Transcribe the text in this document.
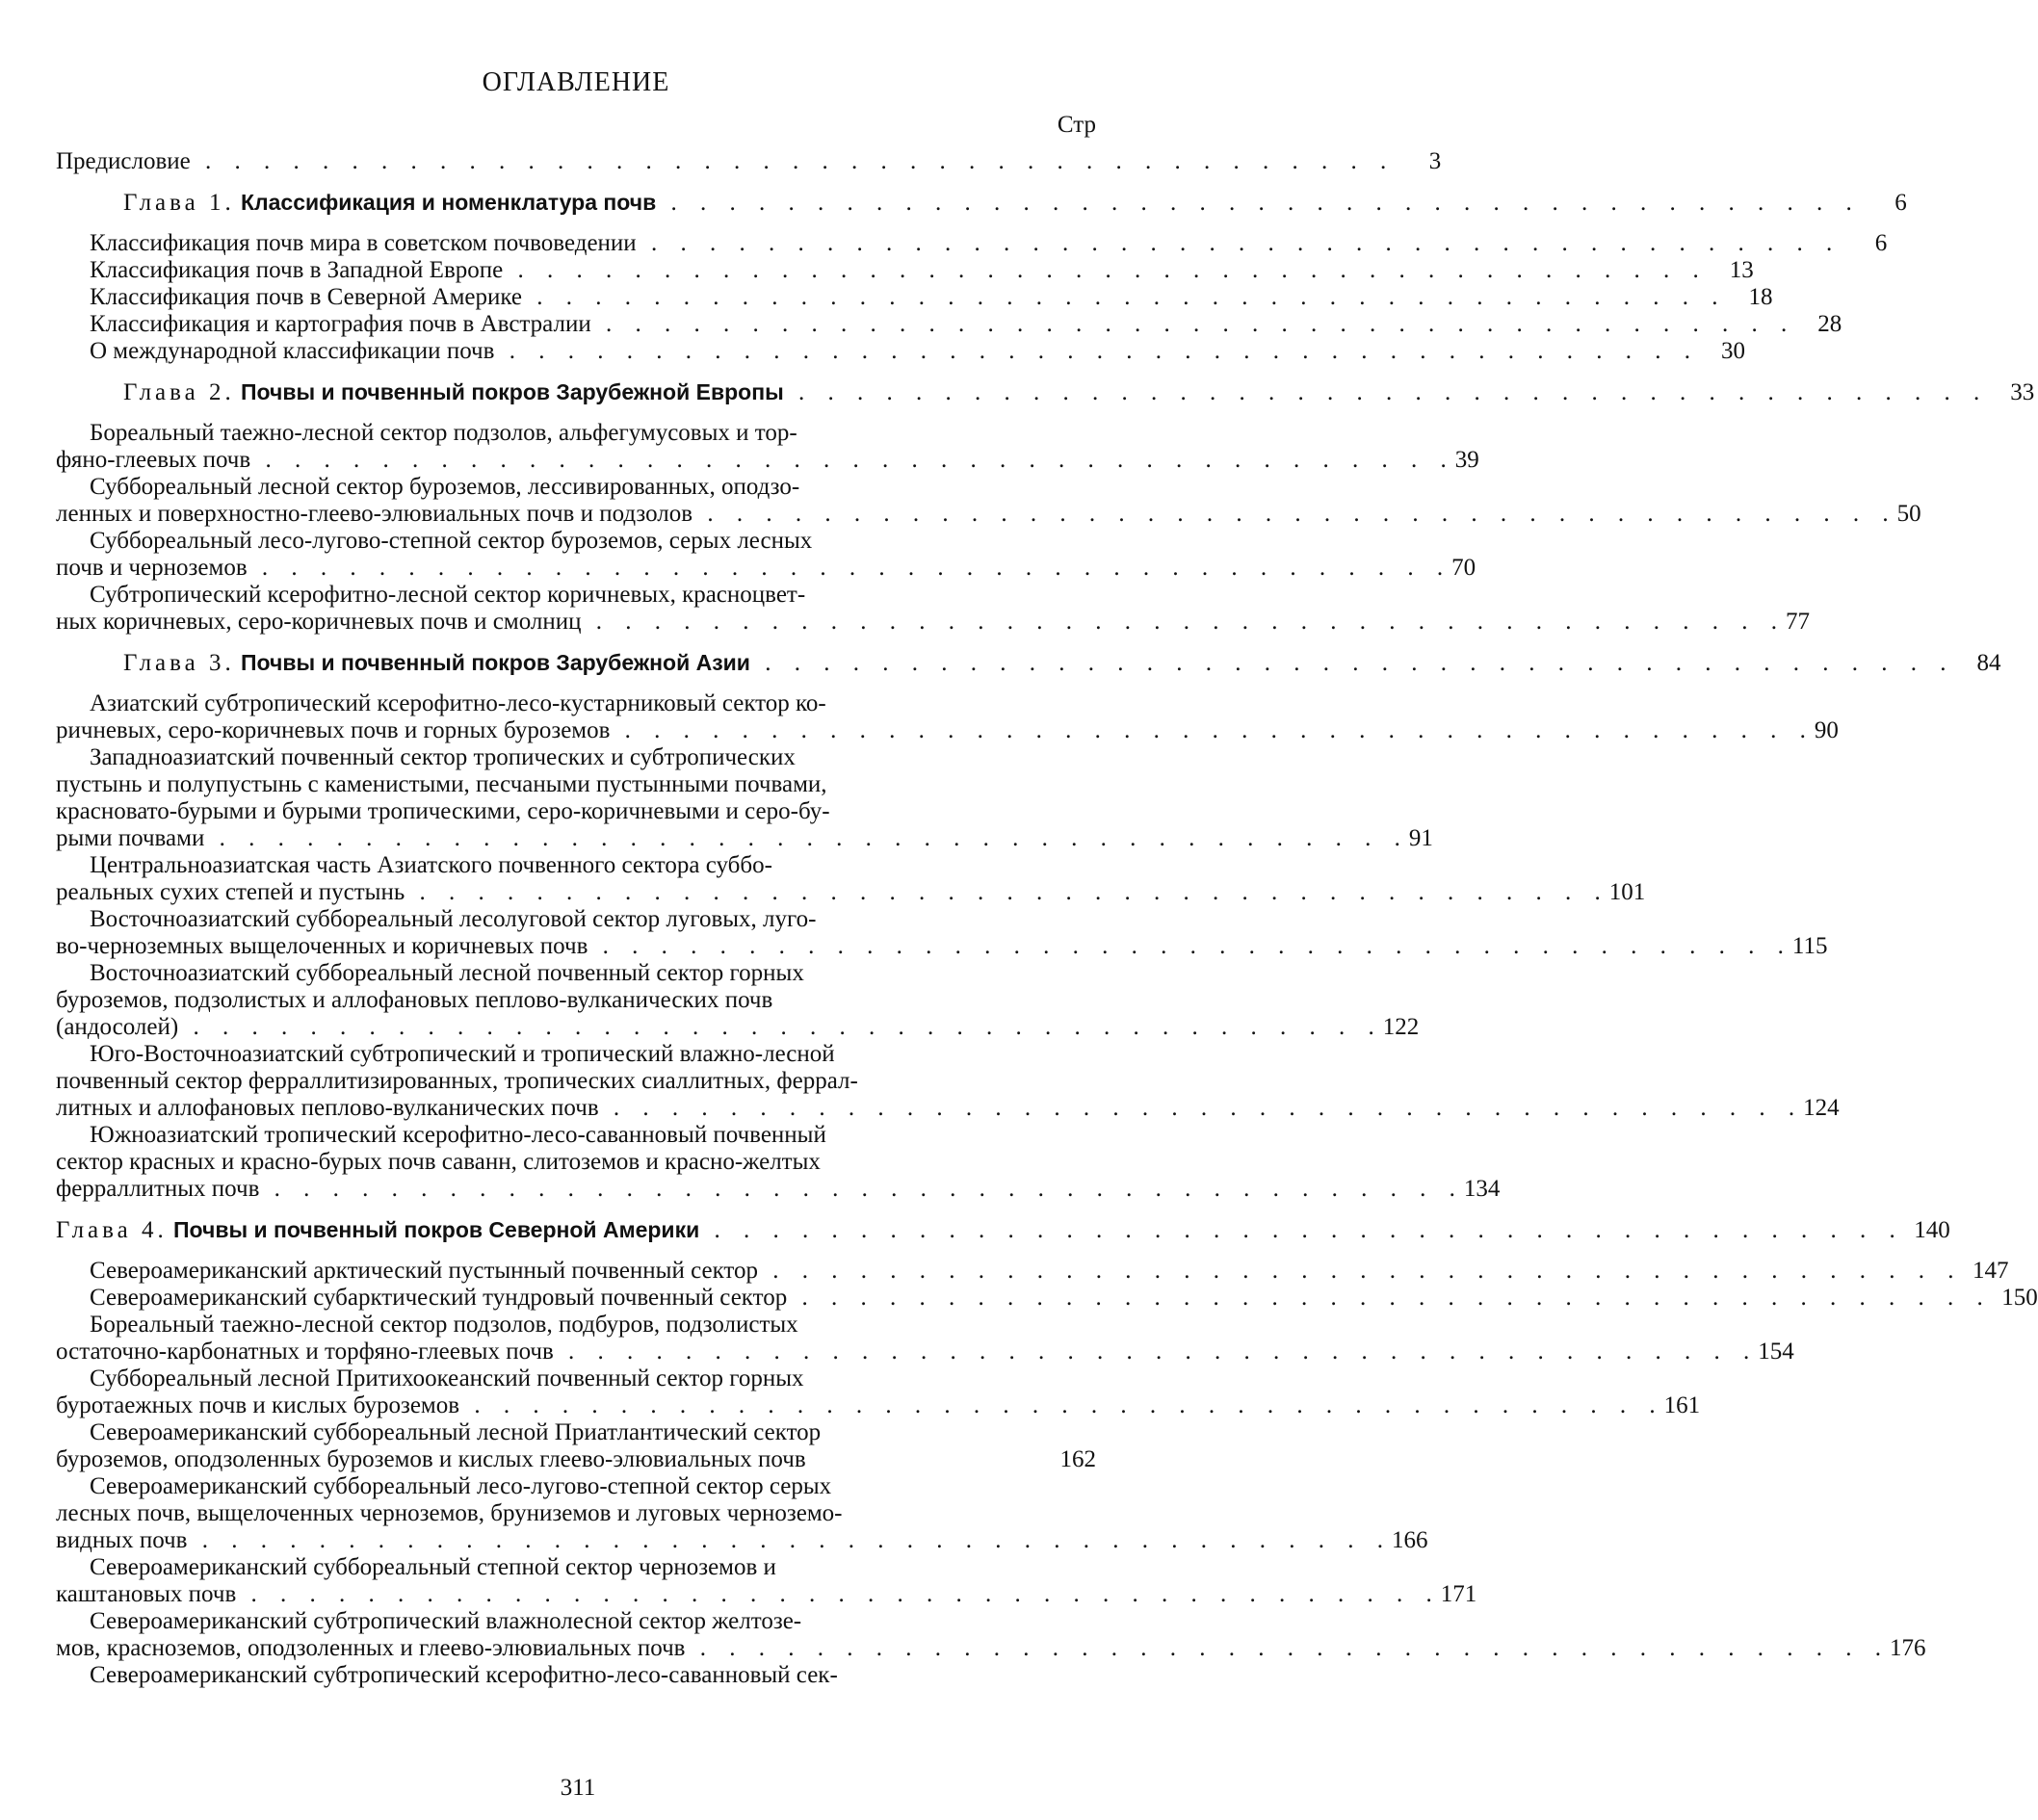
ОГЛАВЛЕНИЕ
Стр
Предисловие . . . . . . . . . . . . . . . . . . . . . . . . . . . . . . . . . . . . . . . . .	3
Глава 1. Классификация и номенклатура почв . . . . . . . . . . . . . . . . . . . . . . . . . . . . . . . . . . . . . . . . .	6
Классификация почв мира в советском почвоведении . . . . . . . . . . . . . . . . . . . . . . . . . . . . . . . . . . . . . . . . .	6
Классификация почв в Западной Европе . . . . . . . . . . . . . . . . . . . . . . . . . . . . . . . . . . . . . . . . . 13
Классификация почв в Северной Америке . . . . . . . . . . . . . . . . . . . . . . . . . . . . . . . . . . . . . . . . . 18
Классификация и картография почв в Австралии . . . . . . . . . . . . . . . . . . . . . . . . . . . . . . . . . . . . . . . . . 28
О международной классификации почв . . . . . . . . . . . . . . . . . . . . . . . . . . . . . . . . . . . . . . . . . 30
Глава 2. Почвы и почвенный покров Зарубежной Европы . . . . . . . . . . . . . . . . . . . . . . . . . . . . . . . . . . . . . . . . . 33
Бореальный таежно-лесной сектор подзолов, альфегумусовых и тор-
фяно-глеевых почв . . . . . . . . . . . . . . . . . . . . . . . . . . . . . . . . . . . . . . . . . 39
Суббореальный лесной сектор буроземов, лессивированных, оподзо-
ленных и поверхностно-глеево-элювиальных почв и подзолов . . . . . . . . . . . . . . . . . . . . . . . . . . . . . . . . . . . . . . . . . 50
Суббореальный лесо-лугово-степной сектор буроземов, серых лесных
почв и черноземов . . . . . . . . . . . . . . . . . . . . . . . . . . . . . . . . . . . . . . . . . 70
Субтропический ксерофитно-лесной сектор коричневых, красноцвет-
ных коричневых, серо-коричневых почв и смолниц . . . . . . . . . . . . . . . . . . . . . . . . . . . . . . . . . . . . . . . . . 77
Глава 3. Почвы и почвенный покров Зарубежной Азии . . . . . . . . . . . . . . . . . . . . . . . . . . . . . . . . . . . . . . . . . 84
Азиатский субтропический ксерофитно-лесо-кустарниковый сектор ко-
ричневых, серо-коричневых почв и горных буроземов . . . . . . . . . . . . . . . . . . . . . . . . . . . . . . . . . . . . . . . . . 90
Западноазиатский почвенный сектор тропических и субтропических
пустынь и полупустынь с каменистыми, песчаными пустынными почвами,
красновато-бурыми и бурыми тропическими, серо-коричневыми и серо-бу-
рыми почвами . . . . . . . . . . . . . . . . . . . . . . . . . . . . . . . . . . . . . . . . . 91
Центральноазиатская часть Азиатского почвенного сектора суббо-
реальных сухих степей и пустынь . . . . . . . . . . . . . . . . . . . . . . . . . . . . . . . . . . . . . . . . . 101
Восточноазиатский суббореальный лесолуговой сектор луговых, луго-
во-черноземных выщелоченных и коричневых почв . . . . . . . . . . . . . . . . . . . . . . . . . . . . . . . . . . . . . . . . . 115
Восточноазиатский суббореальный лесной почвенный сектор горных
буроземов, подзолистых и аллофановых пеплово-вулканических почв
(андосолей) . . . . . . . . . . . . . . . . . . . . . . . . . . . . . . . . . . . . . . . . . 122
Юго-Восточноазиатский субтропический и тропический влажно-лесной
почвенный сектор ферраллитизированных, тропических сиаллитных, феррал-
литных и аллофановых пеплово-вулканических почв . . . . . . . . . . . . . . . . . . . . . . . . . . . . . . . . . . . . . . . . . 124
Южноазиатский тропический ксерофитно-лесо-саванновый почвенный
сектор красных и красно-бурых почв саванн, слитоземов и красно-желтых
ферраллитных почв . . . . . . . . . . . . . . . . . . . . . . . . . . . . . . . . . . . . . . . . . 134
Глава 4. Почвы и почвенный покров Северной Америки . . . . . . . . . . . . . . . . . . . . . . . . . . . . . . . . . . . . . . . . . 140
Североамериканский арктический пустынный почвенный сектор . . . . . . . . . . . . . . . . . . . . . . . . . . . . . . . . . . . . . . . . . 147
Североамериканский субарктический тундровый почвенный сектор . . . . . . . . . . . . . . . . . . . . . . . . . . . . . . . . . . . . . . . . . 150
Бореальный таежно-лесной сектор подзолов, подбуров, подзолистых
остаточно-карбонатных и торфяно-глеевых почв . . . . . . . . . . . . . . . . . . . . . . . . . . . . . . . . . . . . . . . . . 154
Суббореальный лесной Притихоокеанский почвенный сектор горных
буротаежных почв и кислых буроземов . . . . . . . . . . . . . . . . . . . . . . . . . . . . . . . . . . . . . . . . . 161
Североамериканский суббореальный лесной Приатлантический сектор
буроземов, оподзоленных буроземов и кислых глеево-элювиальных почв	162
Североамериканский суббореальный лесо-лугово-степной сектор серых
лесных почв, выщелоченных черноземов, бруниземов и луговых черноземо-
видных почв . . . . . . . . . . . . . . . . . . . . . . . . . . . . . . . . . . . . . . . . . 166
Североамериканский суббореальный степной сектор черноземов и
каштановых почв . . . . . . . . . . . . . . . . . . . . . . . . . . . . . . . . . . . . . . . . . 171
Североамериканский субтропический влажнолесной сектор желтозе-
мов, красноземов, оподзоленных и глеево-элювиальных почв . . . . . . . . . . . . . . . . . . . . . . . . . . . . . . . . . . . . . . . . . 176
Североамериканский субтропический ксерофитно-лесо-саванновый сек-
311
